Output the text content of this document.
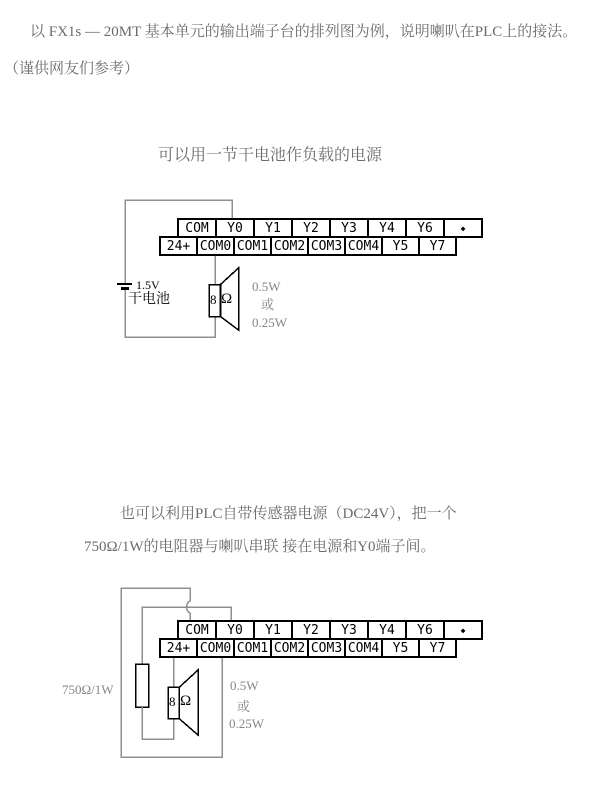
以 FX1s — 20MT 基本单元的输出端子台的排列图为例，说明喇叭在PLC上的接法。
（谨供网友们参考）
可以用一节干电池作负载的电源
COM	Y0	Y1	Y2	Y3	Y4	Y6	◆
24+ COM0 COM1 COM2 COM3 COM4	Y5	Y7
1.5V
干电池	8 Ω
0.5W
或
0.25W
也可以利用PLC自带传感器电源（DC24V），把一个
750Ω/1W的电阻器与喇叭串联 接在电源和Y0端子间。
COM	Y0	Y1	Y2	Y3	Y4	Y6	◆
24+ COM0 COM1 COM2 COM3 COM4	Y5	Y7
750Ω/1W
8 Ω
0.5W
或
0.25W
